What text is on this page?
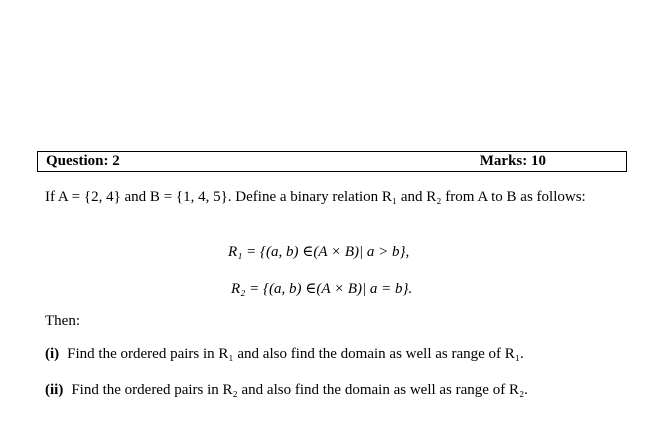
Question: 2	Marks: 10
If A = {2, 4} and B = {1, 4, 5}. Define a binary relation R₁ and R₂ from A to B as follows:
R₁ = {(a, b) ∈(A × B)| a > b},
R₂ = {(a, b) ∈(A × B)| a = b}.
Then:
(i) Find the ordered pairs in R₁ and also find the domain as well as range of R₁.
(ii) Find the ordered pairs in R₂ and also find the domain as well as range of R₂.
